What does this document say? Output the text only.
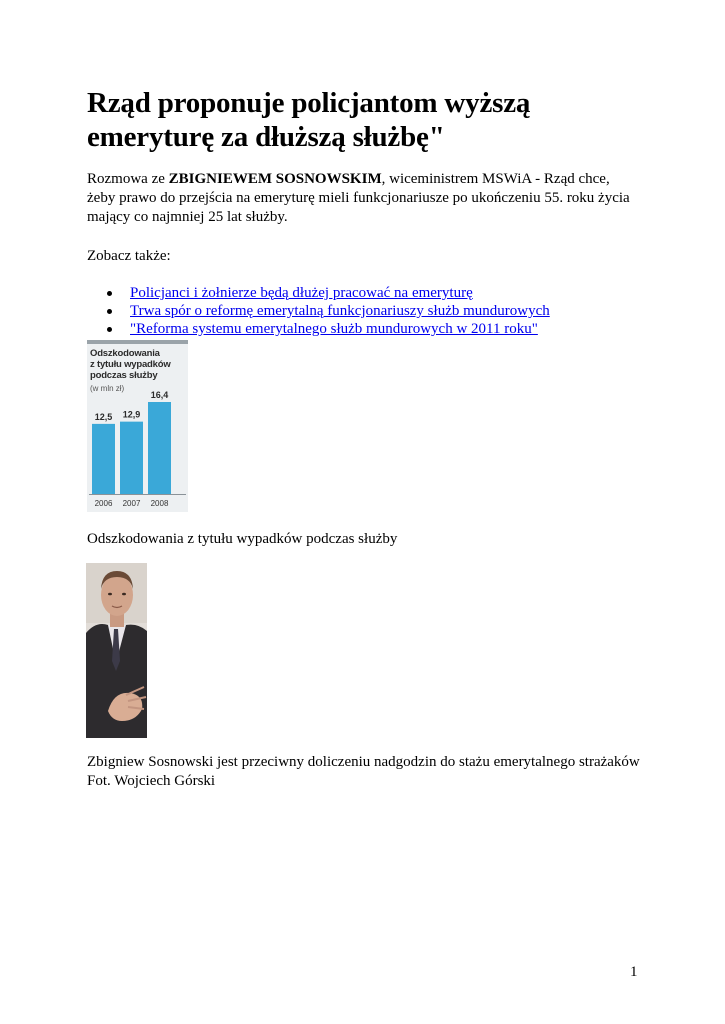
Rząd proponuje policjantom wyższą emeryturę za dłuższą służbę"

Rozmowa ze ZBIGNIEWEM SOSNOWSKIM, wiceministrem MSWiA - Rząd chce, żeby prawo do przejścia na emeryturę mieli funkcjonariusze po ukończeniu 55. roku życia mający co najmniej 25 lat służby.

Zobacz także:

Policjanci i żołnierze będą dłużej pracować na emeryturę
Trwa spór o reformę emerytalną funkcjonariuszy służb mundurowych
"Reforma systemu emerytalnego służb mundurowych w 2011 roku"
Odszkodowania
z tytułu wypadków
podczas służby
(w mln zł)
12,5
2006
12,9
2007
16,4
2008
Odszkodowania z tytułu wypadków podczas służby
Zbigniew Sosnowski jest przeciwny doliczeniu nadgodzin do stażu emerytalnego strażaków
Fot. Wojciech Górski
1
